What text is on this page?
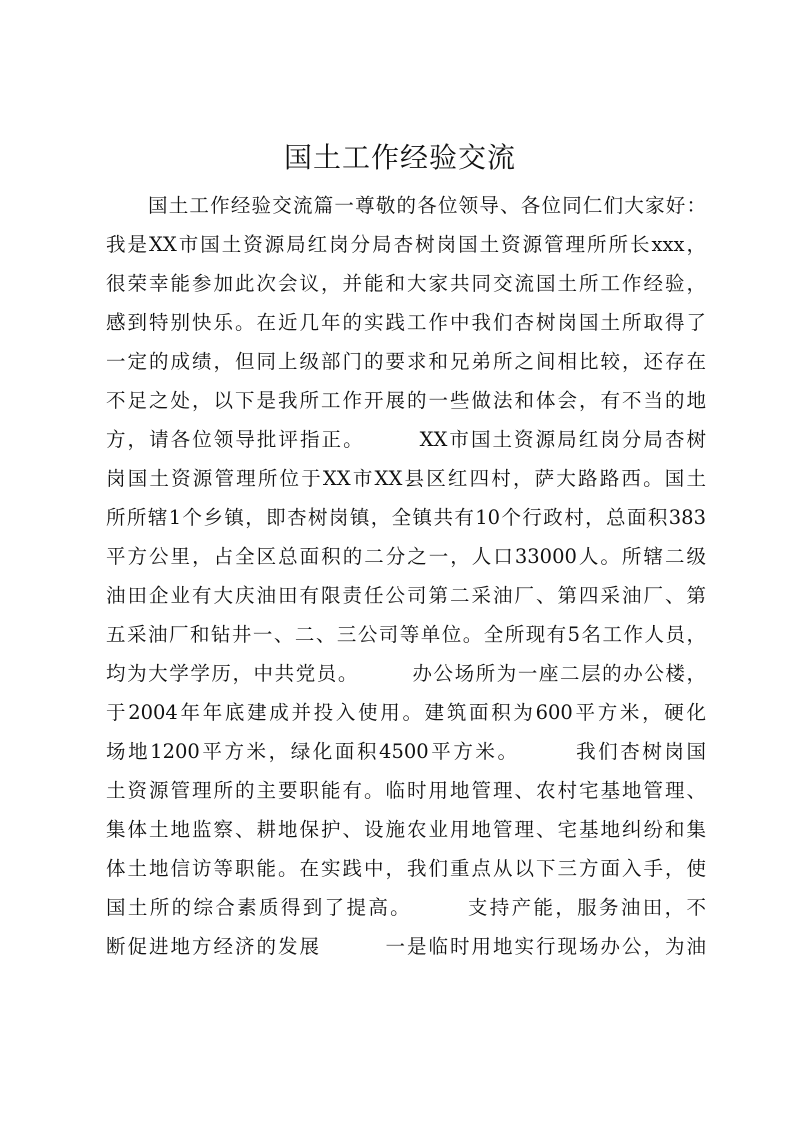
国土工作经验交流
国土工作经验交流篇一尊敬的各位领导、各位同仁们大家好：
我是XX市国土资源局红岗分局杏树岗国土资源管理所所长xxx，
很荣幸能参加此次会议，并能和大家共同交流国土所工作经验，
感到特别快乐。在近几年的实践工作中我们杏树岗国土所取得了
一定的成绩，但同上级部门的要求和兄弟所之间相比较，还存在
不足之处，以下是我所工作开展的一些做法和体会，有不当的地
方，请各位领导批评指正。　　　XX市国土资源局红岗分局杏树
岗国土资源管理所位于XX市XX县区红四村，萨大路路西。国土
所所辖1个乡镇，即杏树岗镇，全镇共有10个行政村，总面积383
平方公里，占全区总面积的二分之一，人口33000人。所辖二级
油田企业有大庆油田有限责任公司第二采油厂、第四采油厂、第
五采油厂和钻井一、二、三公司等单位。全所现有5名工作人员，
均为大学学历，中共党员。　　　办公场所为一座二层的办公楼，
于2004年年底建成并投入使用。建筑面积为600平方米，硬化
场地1200平方米，绿化面积4500平方米。　　　我们杏树岗国
土资源管理所的主要职能有。临时用地管理、农村宅基地管理、
集体土地监察、耕地保护、设施农业用地管理、宅基地纠纷和集
体土地信访等职能。在实践中，我们重点从以下三方面入手，使
国土所的综合素质得到了提高。　　　支持产能，服务油田，不
断促进地方经济的发展　　　一是临时用地实行现场办公，为油
